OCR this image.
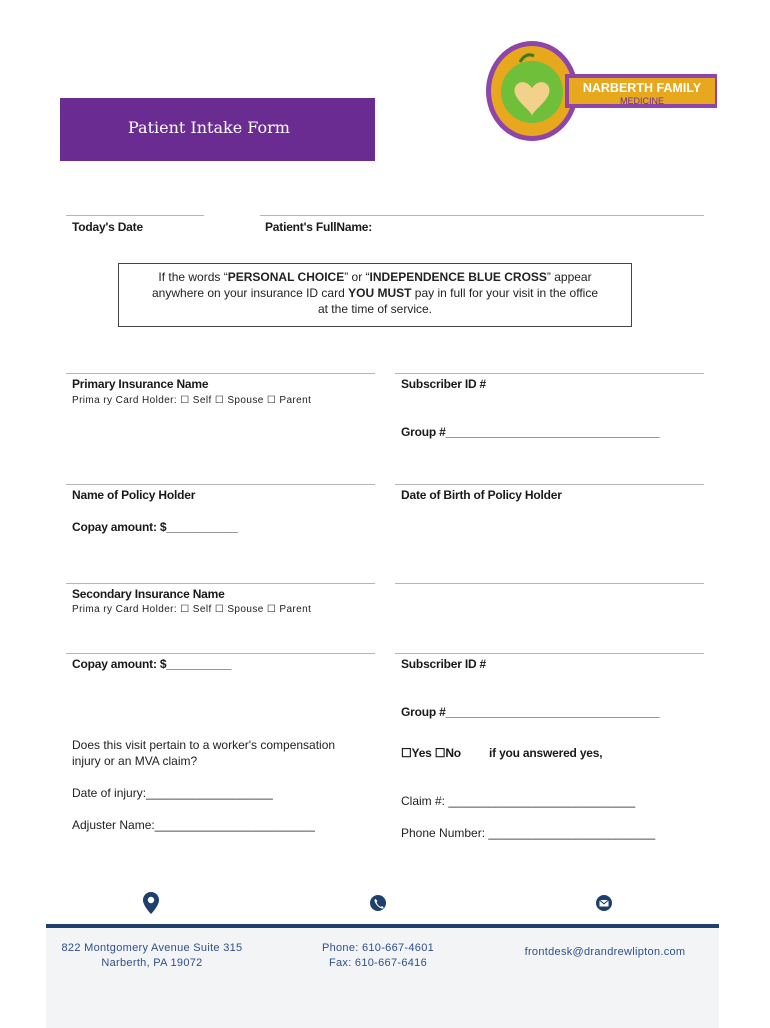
NARBERTH FAMILY
MEDICINE
Patient Intake Form
Today's Date	Patient's FullName:
If the words “PERSONAL CHOICE” or “INDEPENDENCE BLUE CROSS” appear
anywhere on your insurance ID card YOU MUST pay in full for your visit in the office
at the time of service.
Primary Insurance Name
Prima ry Card Holder: ☐ Self ☐ Spouse ☐ Parent
Subscriber ID #
Group #_________________________________
Name of Policy Holder	Date of Birth of Policy Holder
Copay amount: $___________
Secondary Insurance Name
Prima ry Card Holder: ☐ Self ☐ Spouse ☐ Parent
Copay amount: $__________	Subscriber ID #
Group #_________________________________
Does this visit pertain to a worker's compensation
injury or an MVA claim?
☐Yes ☐No if you answered yes,
Date of injury:___________________
Claim #: ____________________________
Adjuster Name:________________________
Phone Number: _________________________
822 Montgomery Avenue Suite 315
Narberth, PA 19072
Phone: 610-667-4601
Fax: 610-667-6416
frontdesk@drandrewlipton.com
